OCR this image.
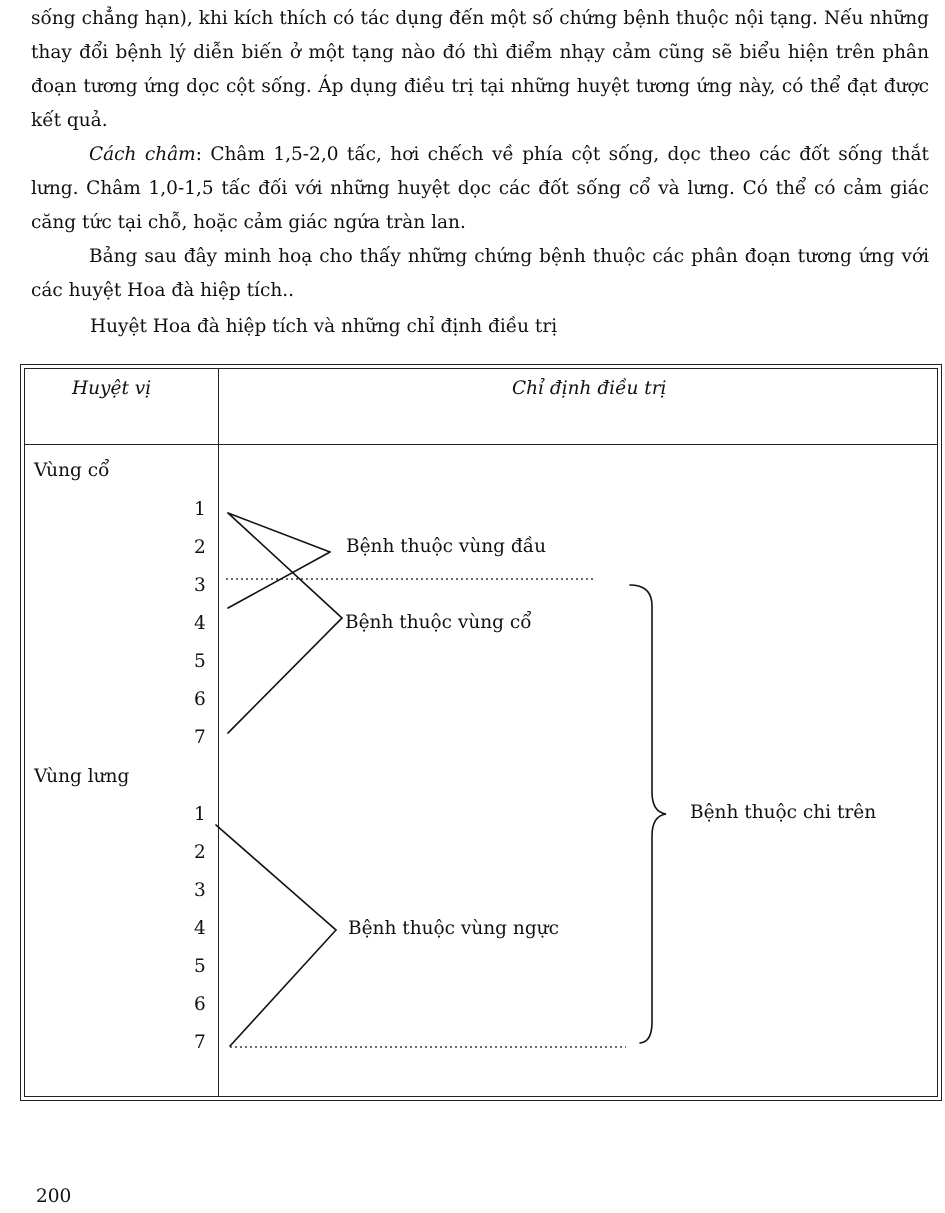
sống chẳng hạn), khi kích thích có tác dụng đến một số chứng bệnh thuộc nội tạng. Nếu những thay đổi bệnh lý diễn biến ở một tạng nào đó thì điểm nhạy cảm cũng sẽ biểu hiện trên phân đoạn tương ứng dọc cột sống. Áp dụng điều trị tại những huyệt tương ứng này, có thể đạt được kết quả.

Cách châm: Châm 1,5-2,0 tấc, hơi chếch về phía cột sống, dọc theo các đốt sống thắt lưng. Châm 1,0-1,5 tấc đối với những huyệt dọc các đốt sống cổ và lưng. Có thể có cảm giác căng tức tại chỗ, hoặc cảm giác ngứa tràn lan.

Bảng sau đây minh hoạ cho thấy những chứng bệnh thuộc các phân đoạn tương ứng với các huyệt Hoa đà hiệp tích..

Huyệt Hoa đà hiệp tích và những chỉ định điều trị

Huyệt vị	Chỉ định điều trị
Vùng cổ
Vùng lưng
1
2
3
4
5
6
7
1
2
3
4
5
6
7
Bệnh thuộc vùng đầu
Bệnh thuộc vùng cổ
Bệnh thuộc vùng ngực
Bệnh thuộc chi trên
200
